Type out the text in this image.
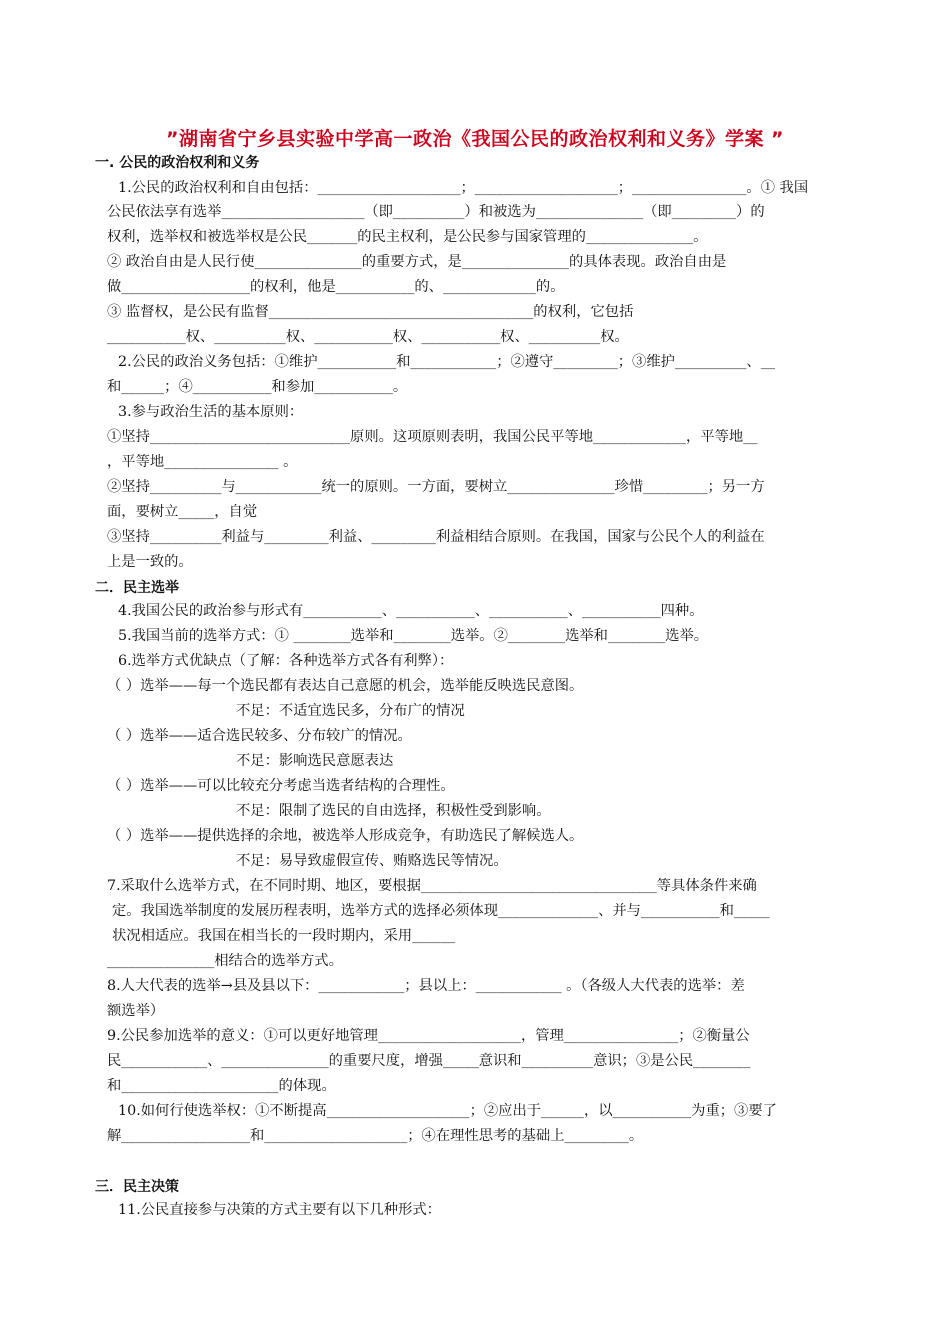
”湖南省宁乡县实验中学高一政治《我国公民的政治权利和义务》学案 ”
一. 公民的政治权利和义务
1.公民的政治权利和自由包括：____________________；____________________；________________。① 我国
公民依法享有选举____________________（即__________）和被选为_______________（即_________）的
权利，选举权和被选举权是公民_______的民主权利，是公民参与国家管理的_______________。
② 政治自由是人民行使_______________的重要方式，是_______________的具体表现。政治自由是
做__________________的权利，他是___________的、_____________的。
③ 监督权，是公民有监督_____________________________________的权利，它包括
___________权、__________权、___________权、___________权、__________权。
2.公民的政治义务包括：①维护___________和____________；②遵守_________；③维护__________、__
和______；④___________和参加___________。
3.参与政治生活的基本原则：
①坚持____________________________原则。这项原则表明，我国公民平等地_____________，平等地__
，平等地________________ 。
②坚持__________与____________统一的原则。一方面，要树立_______________珍惜_________；另一方
面，要树立_____，自觉
③坚持__________利益与_________利益、_________利益相结合原则。在我国，国家与公民个人的利益在
上是一致的。
二．民主选举
4.我国公民的政治参与形式有___________、___________、___________、___________四种。
5.我国当前的选举方式：① ________选举和________选举。②________选举和________选举。
6.选举方式优缺点（了解：各种选举方式各有利弊）：
（ ）选举——每一个选民都有表达自己意愿的机会，选举能反映选民意图。
不足：不适宜选民多，分布广的情况
（ ）选举——适合选民较多、分布较广的情况。
不足：影响选民意愿表达
（ ）选举——可以比较充分考虑当选者结构的合理性。
不足：限制了选民的自由选择，积极性受到影响。
（ ）选举——提供选择的余地，被选举人形成竞争，有助选民了解候选人。
不足：易导致虚假宣传、贿赂选民等情况。
7.采取什么选举方式，在不同时期、地区，要根据_________________________________等具体条件来确
定。我国选举制度的发展历程表明，选举方式的选择必须体现______________、并与___________和_____
状况相适应。我国在相当长的一段时期内，采用______
_______________相结合的选举方式。
8.人大代表的选举→县及县以下：____________；县以上：____________ 。（各级人大代表的选举：差
额选举）
9.公民参加选举的意义：①可以更好地管理____________________，管理________________；②衡量公
民____________、_______________的重要尺度，增强_____意识和__________意识；③是公民________
和______________________的体现。
10.如何行使选举权：①不断提高____________________；②应出于______，以___________为重；③要了
解__________________和____________________；④在理性思考的基础上_________。
三．民主决策
11.公民直接参与决策的方式主要有以下几种形式：
